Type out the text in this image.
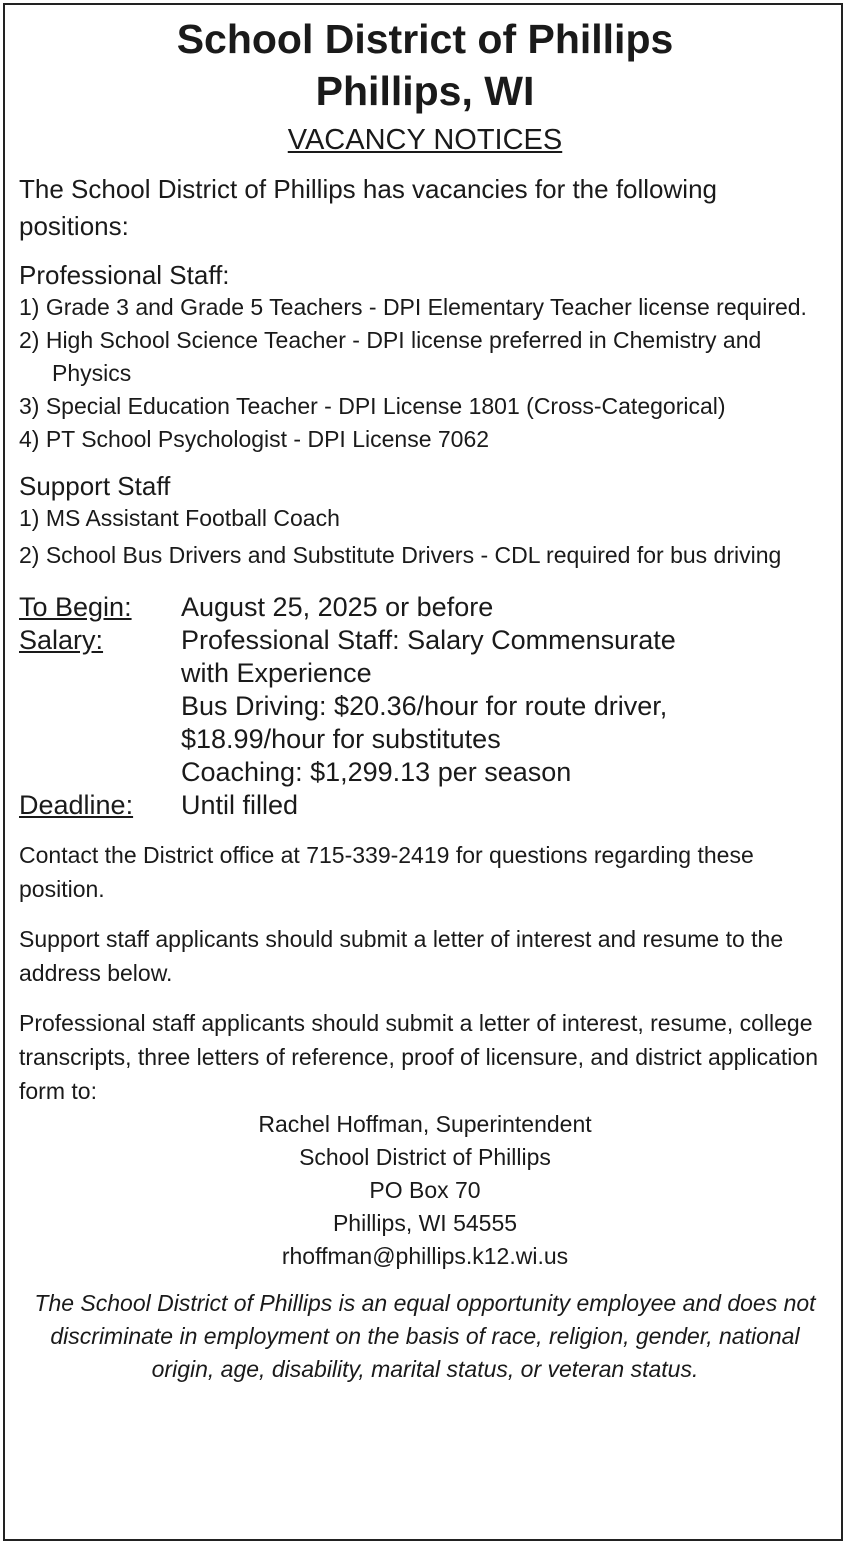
School District of Phillips
Phillips, WI

VACANCY NOTICES

The School District of Phillips has vacancies for the following positions:

Professional Staff:

1) Grade 3 and Grade 5 Teachers - DPI Elementary Teacher license required.
2) High School Science Teacher - DPI license preferred in Chemistry and Physics
3) Special Education Teacher - DPI License 1801 (Cross-Categorical)
4) PT School Psychologist - DPI License 7062

Support Staff

1) MS Assistant Football Coach
2) School Bus Drivers and Substitute Drivers - CDL required for bus driving
To Begin:	August 25, 2025 or before
Salary:	Professional Staff: Salary Commensurate
with Experience
Bus Driving: $20.36/hour for route driver,
$18.99/hour for substitutes
Coaching: $1,299.13 per season
Deadline:	Until filled

Contact the District office at 715-339-2419 for questions regarding these position.

Support staff applicants should submit a letter of interest and resume to the address below.

Professional staff applicants should submit a letter of interest, resume, college transcripts, three letters of reference, proof of licensure, and district application form to:

Rachel Hoffman, Superintendent

School District of Phillips

PO Box 70

Phillips, WI 54555

rhoffman@phillips.k12.wi.us

The School District of Phillips is an equal opportunity employee and does not discriminate in employment on the basis of race, religion, gender, national origin, age, disability, marital status, or veteran status.
